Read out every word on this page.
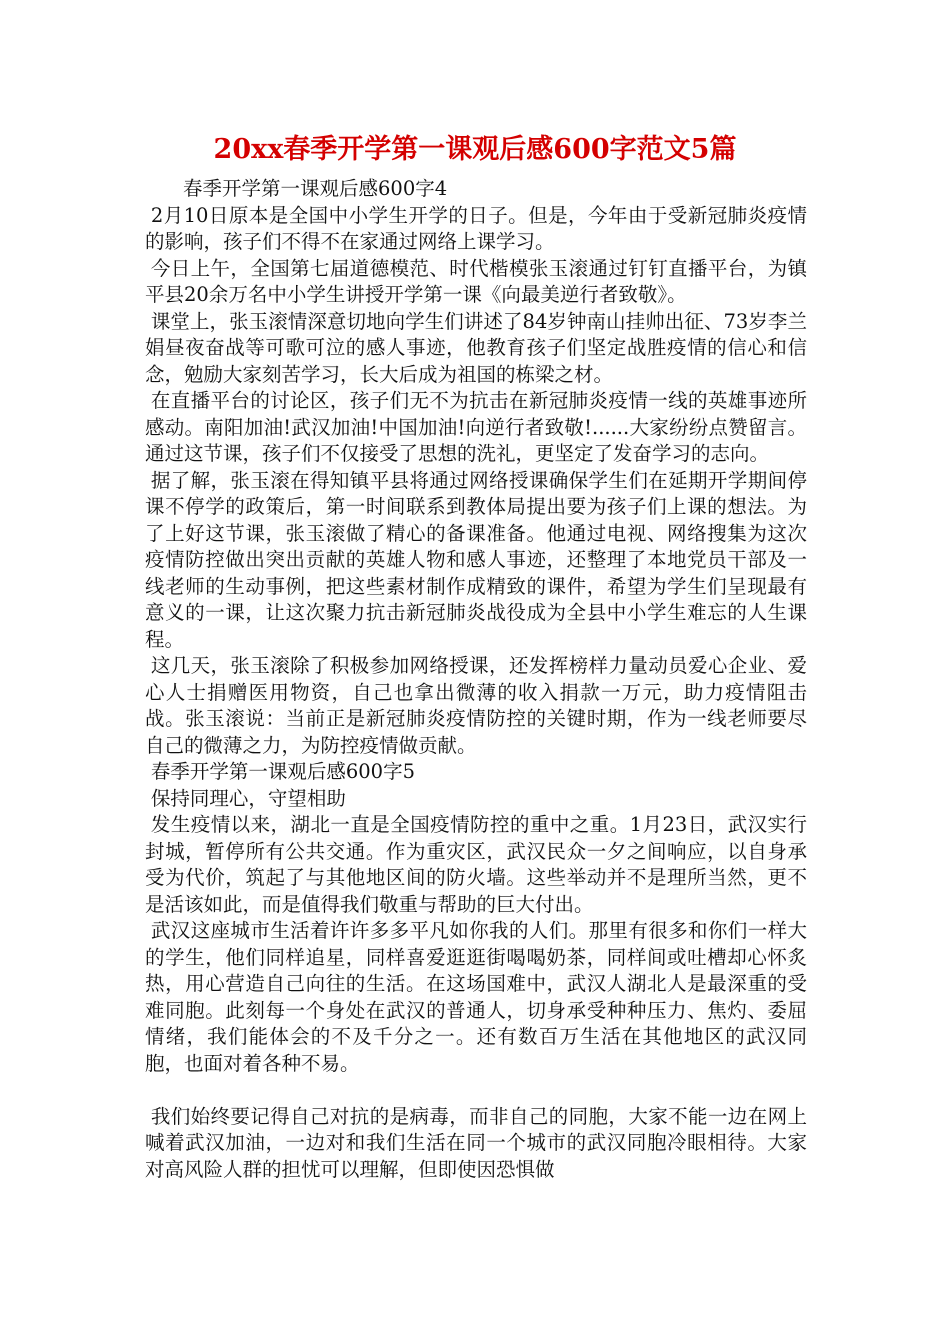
20xx春季开学第一课观后感600字范文5篇

春季开学第一课观后感600字4

2月10日原本是全国中小学生开学的日子。但是，今年由于受新冠肺炎疫情的影响，孩子们不得不在家通过网络上课学习。

今日上午，全国第七届道德模范、时代楷模张玉滚通过钉钉直播平台，为镇平县20余万名中小学生讲授开学第一课《向最美逆行者致敬》。

课堂上，张玉滚情深意切地向学生们讲述了84岁钟南山挂帅出征、73岁李兰娟昼夜奋战等可歌可泣的感人事迹，他教育孩子们坚定战胜疫情的信心和信念，勉励大家刻苦学习，长大后成为祖国的栋梁之材。

在直播平台的讨论区，孩子们无不为抗击在新冠肺炎疫情一线的英雄事迹所感动。南阳加油!武汉加油!中国加油!向逆行者致敬!......大家纷纷点赞留言。通过这节课，孩子们不仅接受了思想的洗礼，更坚定了发奋学习的志向。

据了解，张玉滚在得知镇平县将通过网络授课确保学生们在延期开学期间停课不停学的政策后，第一时间联系到教体局提出要为孩子们上课的想法。为了上好这节课，张玉滚做了精心的备课准备。他通过电视、网络搜集为这次疫情防控做出突出贡献的英雄人物和感人事迹，还整理了本地党员干部及一线老师的生动事例，把这些素材制作成精致的课件，希望为学生们呈现最有意义的一课，让这次聚力抗击新冠肺炎战役成为全县中小学生难忘的人生课程。

这几天，张玉滚除了积极参加网络授课，还发挥榜样力量动员爱心企业、爱心人士捐赠医用物资，自己也拿出微薄的收入捐款一万元，助力疫情阻击战。张玉滚说：当前正是新冠肺炎疫情防控的关键时期，作为一线老师要尽自己的微薄之力，为防控疫情做贡献。

春季开学第一课观后感600字5

保持同理心，守望相助

发生疫情以来，湖北一直是全国疫情防控的重中之重。1月23日，武汉实行封城，暂停所有公共交通。作为重灾区，武汉民众一夕之间响应，以自身承受为代价，筑起了与其他地区间的防火墙。这些举动并不是理所当然，更不是活该如此，而是值得我们敬重与帮助的巨大付出。

武汉这座城市生活着许许多多平凡如你我的人们。那里有很多和你们一样大的学生，他们同样追星，同样喜爱逛逛街喝喝奶茶，同样间或吐槽却心怀炙热，用心营造自己向往的生活。在这场国难中，武汉人湖北人是最深重的受难同胞。此刻每一个身处在武汉的普通人，切身承受种种压力、焦灼、委屈情绪，我们能体会的不及千分之一。还有数百万生活在其他地区的武汉同胞，也面对着各种不易。

我们始终要记得自己对抗的是病毒，而非自己的同胞，大家不能一边在网上喊着武汉加油，一边对和我们生活在同一个城市的武汉同胞冷眼相待。大家对高风险人群的担忧可以理解，但即使因恐惧做
